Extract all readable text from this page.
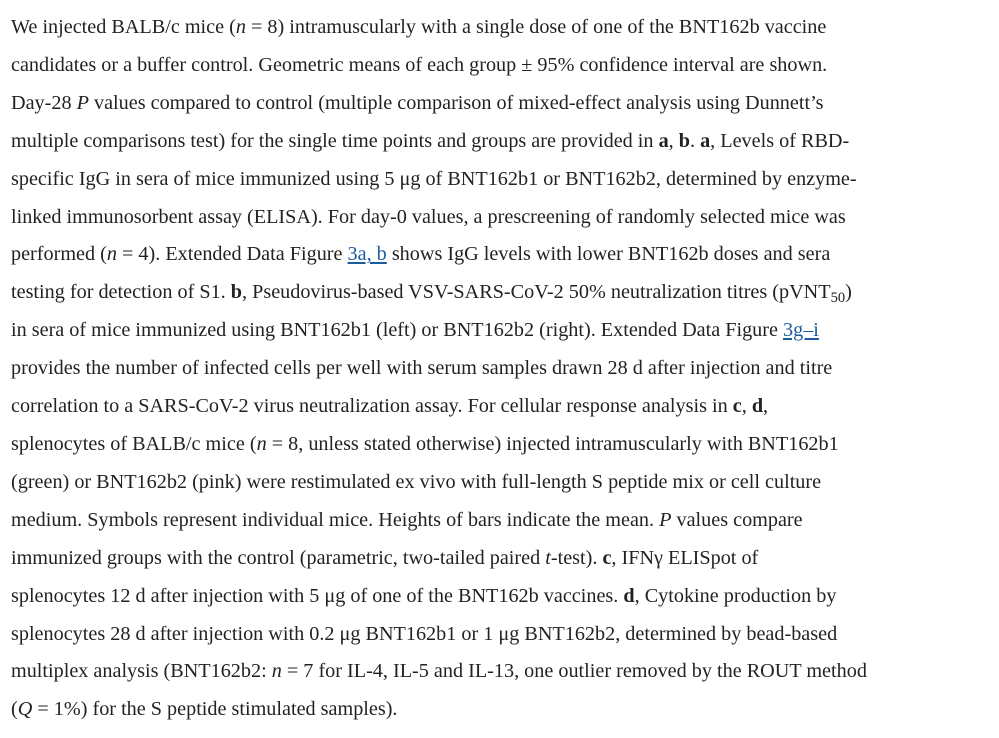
We injected BALB/c mice (n = 8) intramuscularly with a single dose of one of the BNT162b vaccine
candidates or a buffer control. Geometric means of each group ± 95% confidence interval are shown.
Day-28 P values compared to control (multiple comparison of mixed-effect analysis using Dunnett’s
multiple comparisons test) for the single time points and groups are provided in a, b. a, Levels of RBD-
specific IgG in sera of mice immunized using 5 μg of BNT162b1 or BNT162b2, determined by enzyme-
linked immunosorbent assay (ELISA). For day-0 values, a prescreening of randomly selected mice was
performed (n = 4). Extended Data Figure 3a, b shows IgG levels with lower BNT162b doses and sera
testing for detection of S1. b, Pseudovirus-based VSV-SARS-CoV-2 50% neutralization titres (pVNT$_{50}$)
in sera of mice immunized using BNT162b1 (left) or BNT162b2 (right). Extended Data Figure 3g–i
provides the number of infected cells per well with serum samples drawn 28 d after injection and titre
correlation to a SARS-CoV-2 virus neutralization assay. For cellular response analysis in c, d,
splenocytes of BALB/c mice (n = 8, unless stated otherwise) injected intramuscularly with BNT162b1
(green) or BNT162b2 (pink) were restimulated ex vivo with full-length S peptide mix or cell culture
medium. Symbols represent individual mice. Heights of bars indicate the mean. P values compare
immunized groups with the control (parametric, two-tailed paired t-test). c, IFNγ ELISpot of
splenocytes 12 d after injection with 5 μg of one of the BNT162b vaccines. d, Cytokine production by
splenocytes 28 d after injection with 0.2 μg BNT162b1 or 1 μg BNT162b2, determined by bead-based
multiplex analysis (BNT162b2: n = 7 for IL-4, IL-5 and IL-13, one outlier removed by the ROUT method
(Q = 1%) for the S peptide stimulated samples).
